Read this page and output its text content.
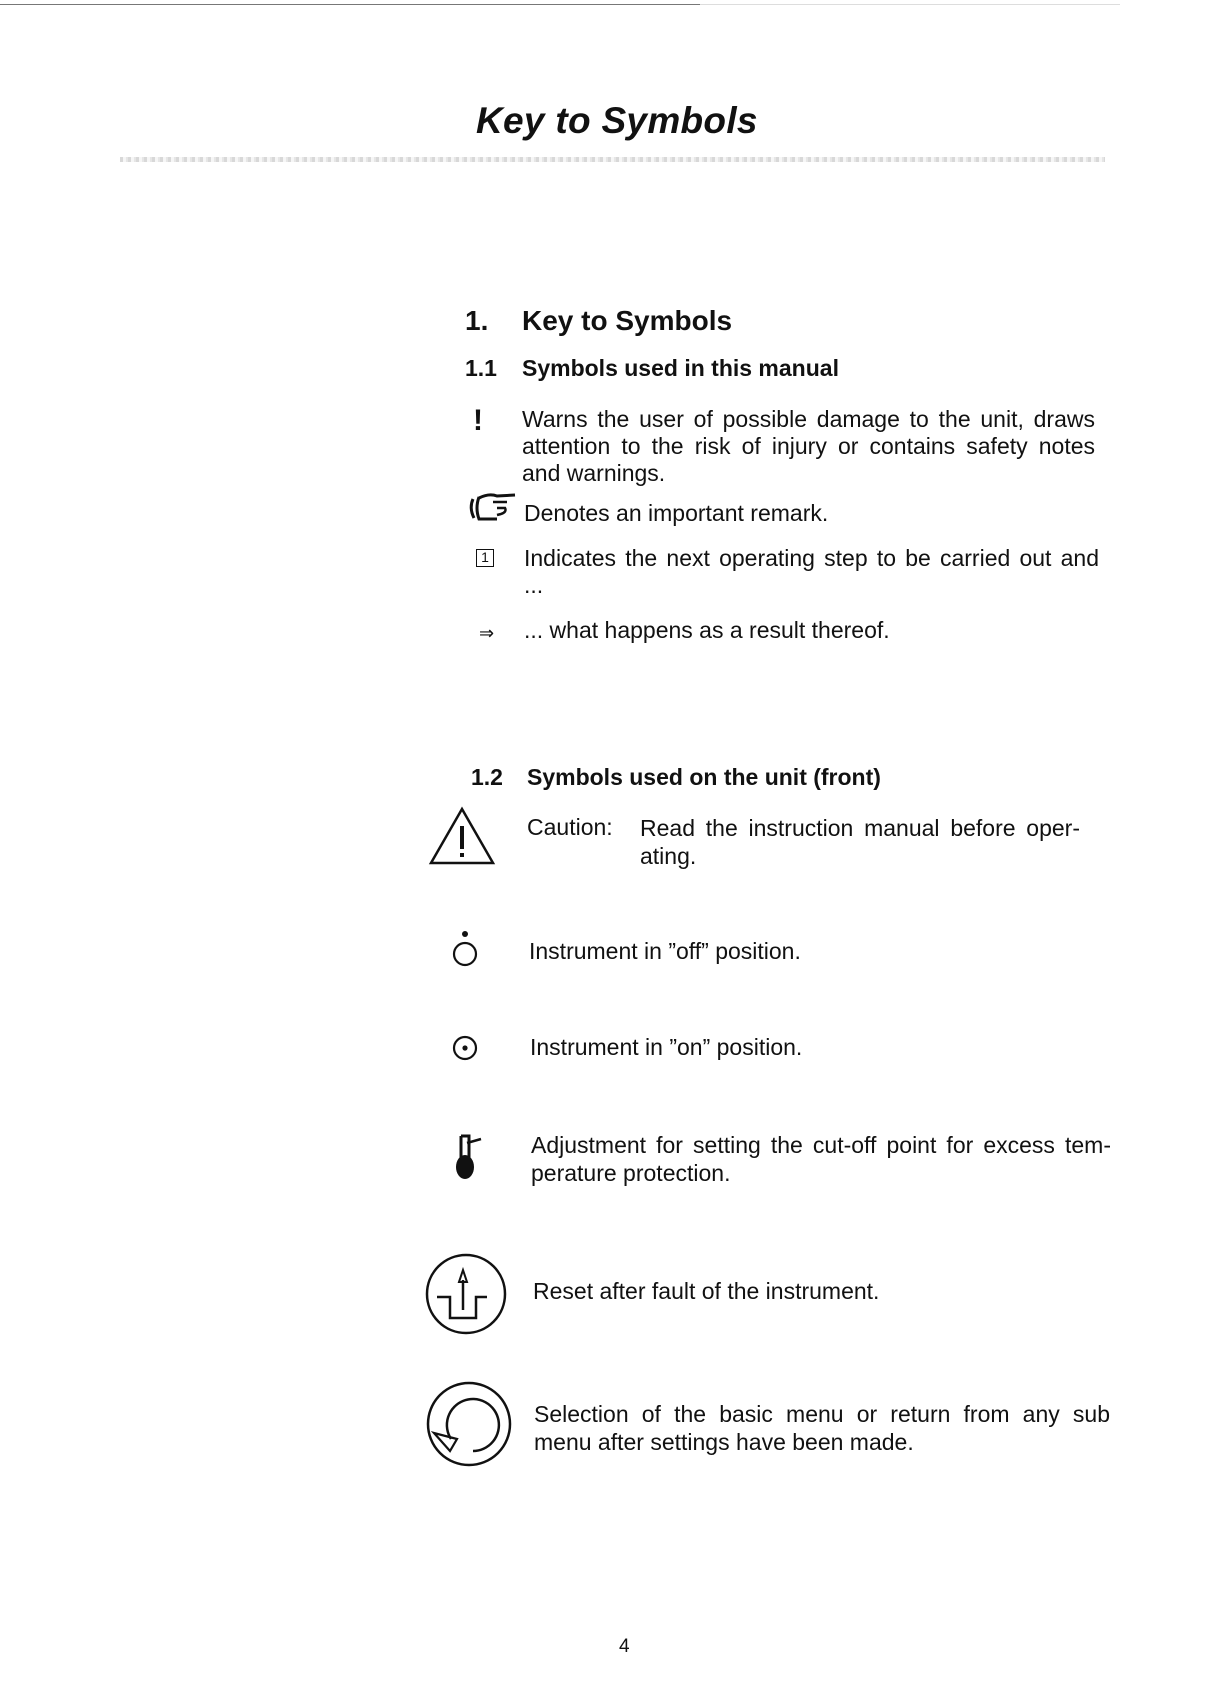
Key to Symbols
1. Key to Symbols
1.1 Symbols used in this manual
! Warns the user of possible damage to the unit, draws attention to the risk of injury or contains safety notes and warnings.
Denotes an important remark.
1 Indicates the next operating step to be carried out and ...
⇒ ... what happens as a result thereof.
1.2 Symbols used on the unit (front)
Caution: Read the instruction manual before oper- ating.
Instrument in ”off” position.
Instrument in ”on” position.
Adjustment for setting the cut-off point for excess tem- perature protection.
Reset after fault of the instrument.
Selection of the basic menu or return from any sub menu after settings have been made.
4
